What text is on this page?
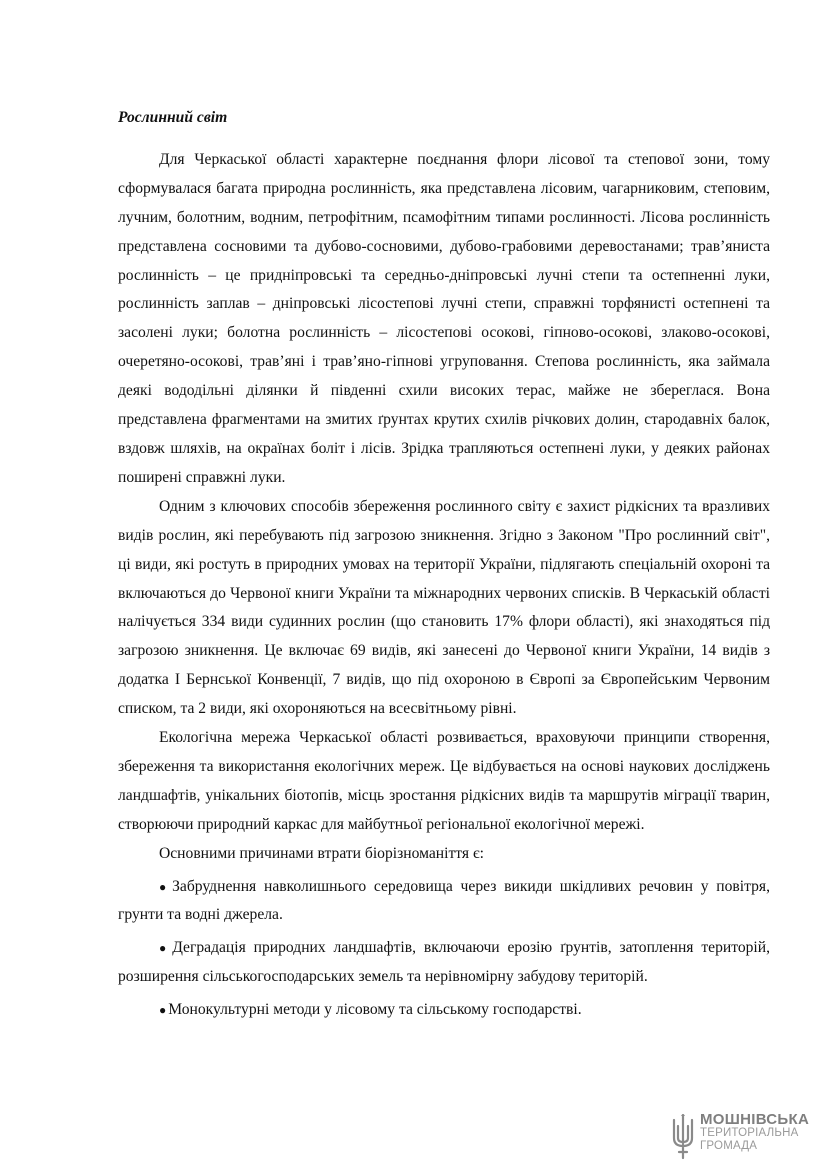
Рослинний світ

Для Черкаської області характерне поєднання флори лісової та степової зони, тому сформувалася багата природна рослинність, яка представлена лісовим, чагарниковим, степовим, лучним, болотним, водним, петрофітним, псамофітним типами рослинності. Лісова рослинність представлена сосновими та дубово-сосновими, дубово-грабовими деревостанами; трав’яниста рослинність – це придніпровські та середньо-дніпровські лучні степи та остепненні луки, рослинність заплав – дніпровські лісостепові лучні степи, справжні торфянисті остепнені та засолені луки; болотна рослинність – лісостепові осокові, гіпново-осокові, злаково-осокові, очеретяно-осокові, трав’яні і трав’яно-гіпнові угруповання. Степова рослинність, яка займала деякі вододільні ділянки й південні схили високих терас, майже не збереглася. Вона представлена фрагментами на змитих ґрунтах крутих схилів річкових долин, стародавніх балок, вздовж шляхів, на окраїнах боліт і лісів. Зрідка трапляються остепнені луки, у деяких районах поширені справжні луки.

Одним з ключових способів збереження рослинного світу є захист рідкісних та вразливих видів рослин, які перебувають під загрозою зникнення. Згідно з Законом "Про рослинний світ", ці види, які ростуть в природних умовах на території України, підлягають спеціальній охороні та включаються до Червоної книги України та міжнародних червоних списків. В Черкаській області налічується 334 види судинних рослин (що становить 17% флори області), які знаходяться під загрозою зникнення. Це включає 69 видів, які занесені до Червоної книги України, 14 видів з додатка I Бернської Конвенції, 7 видів, що під охороною в Європі за Європейським Червоним списком, та 2 види, які охороняються на всесвітньому рівні.

Екологічна мережа Черкаської області розвивається, враховуючи принципи створення, збереження та використання екологічних мереж. Це відбувається на основі наукових досліджень ландшафтів, унікальних біотопів, місць зростання рідкісних видів та маршрутів міграції тварин, створюючи природний каркас для майбутньої регіональної екологічної мережі.

Основними причинами втрати біорізноманіття є:

● Забруднення навколишнього середовища через викиди шкідливих речовин у повітря, грунти та водні джерела.

● Деградація природних ландшафтів, включаючи ерозію ґрунтів, затоплення територій, розширення сільськогосподарських земель та нерівномірну забудову територій.

● Монокультурні методи у лісовому та сільському господарстві.

МОШНІВСЬКА
ТЕРИТОРІАЛЬНА
ГРОМАДА
